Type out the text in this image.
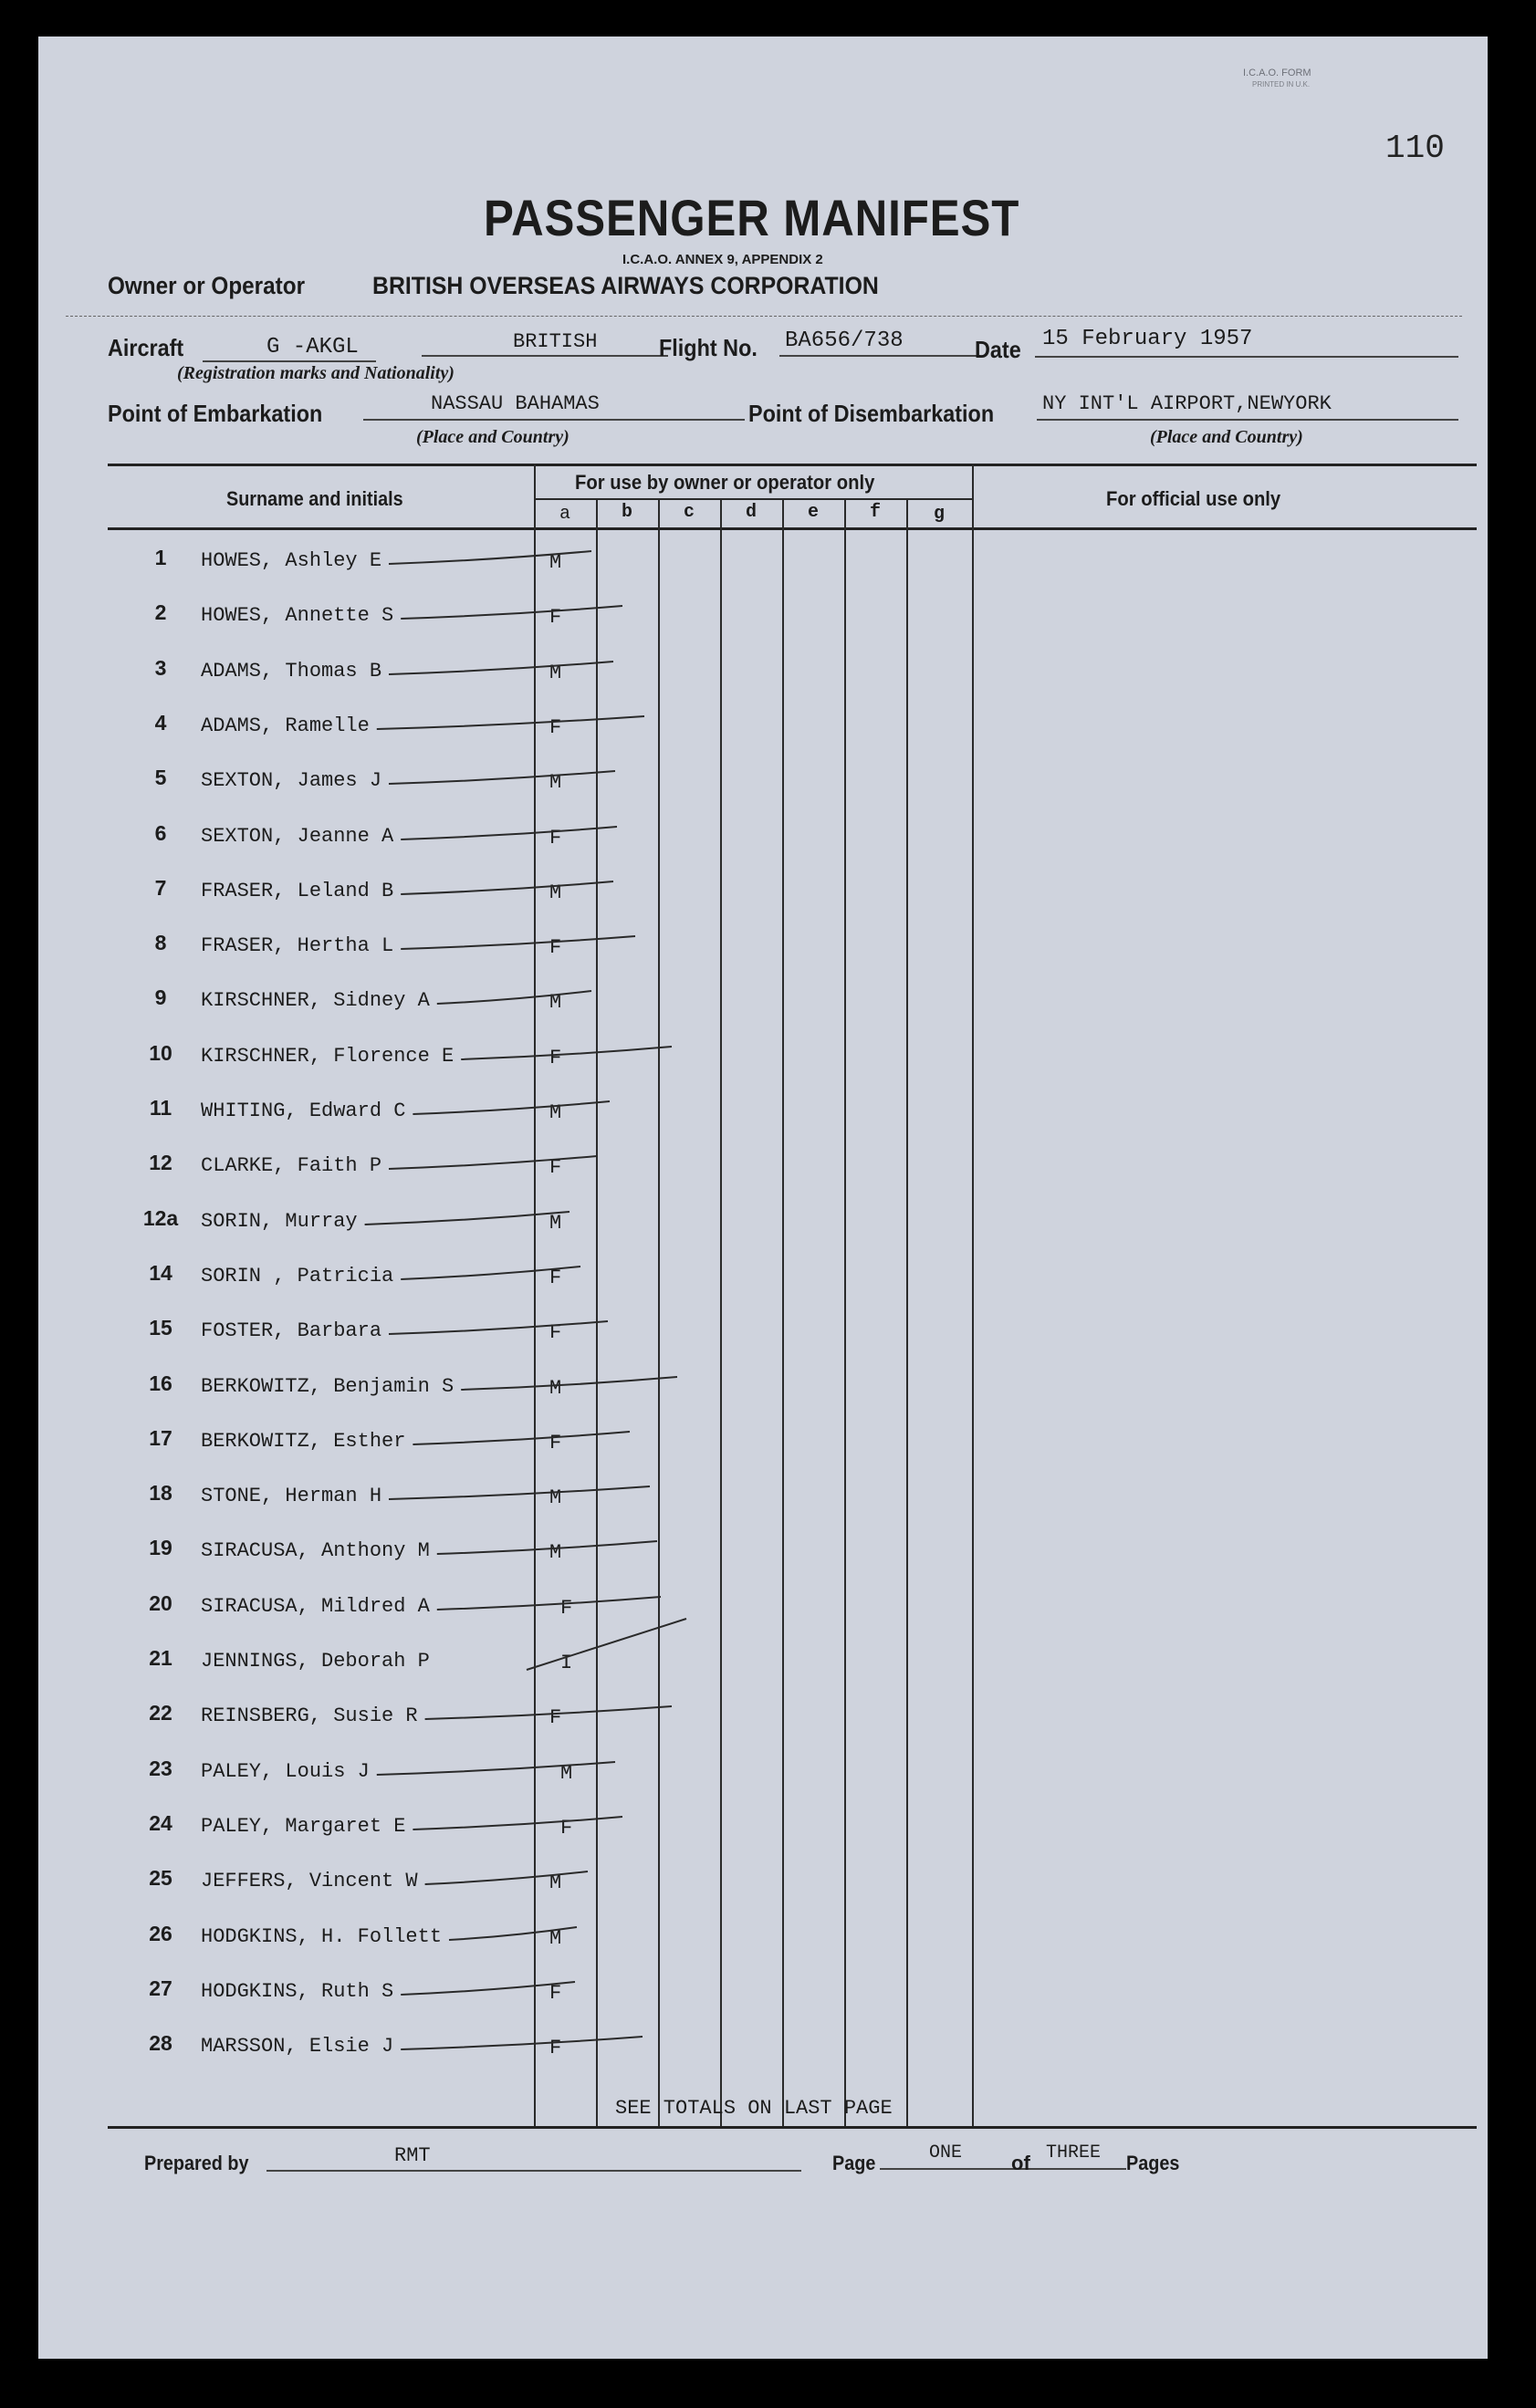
I.C.A.O. FORM
PRINTED IN U.K.
110
PASSENGER MANIFEST
I.C.A.O. ANNEX 9, APPENDIX 2
Owner or Operator	BRITISH OVERSEAS AIRWAYS CORPORATION
Aircraft	G -AKGL	BRITISH
(Registration marks and Nationality)
Flight No. BA656/738	Date 15 February 1957
Point of Embarkation	NASSAU BAHAMAS
(Place and Country)
Point of Disembarkation NY INT'L AIRPORT,NEWYORK
(Place and Country)
Surname and initials
For use by owner or operator only
For official use only
a	b	c	d	e	f	g
1	HOWES, Ashley E	M
2	HOWES, Annette S	F
3	ADAMS, Thomas B	M
4	ADAMS, Ramelle	F
5	SEXTON, James J	M
6	SEXTON, Jeanne A	F
7	FRASER, Leland B	M
8	FRASER, Hertha L	F
9	KIRSCHNER, Sidney A	M
10	KIRSCHNER, Florence E	F
11	WHITING, Edward C	M
12	CLARKE, Faith P	F
12a	SORIN, Murray	M
14	SORIN , Patricia	F
15	FOSTER, Barbara	F
16	BERKOWITZ, Benjamin S	M
17	BERKOWITZ, Esther	F
18	STONE, Herman H	M
19	SIRACUSA, Anthony M	M
20	SIRACUSA, Mildred A	F
21	JENNINGS, Deborah P	I
22	REINSBERG, Susie R	F
23	PALEY, Louis J	M
24	PALEY, Margaret E	F
25	JEFFERS, Vincent W	M
26	HODGKINS, H. Follett	M
27	HODGKINS, Ruth S	F
28	MARSSON, Elsie J	F
SEE TOTALS ON LAST PAGE
Prepared by	RMT	Page	ONE of THREE Pages
